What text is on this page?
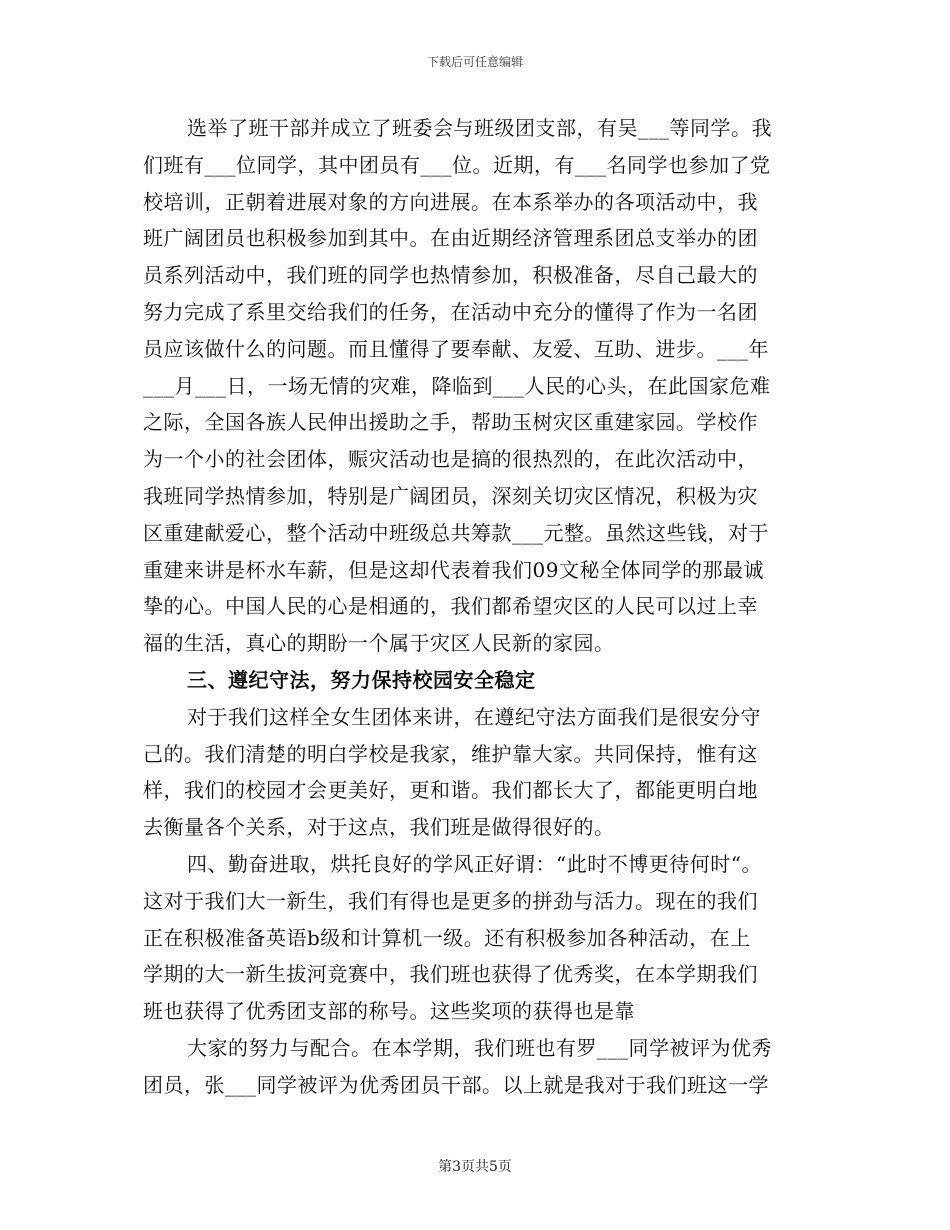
下载后可任意编辑
选举了班干部并成立了班委会与班级团支部，有吴___等同学。我
们班有___位同学，其中团员有___位。近期，有___名同学也参加了党
校培训，正朝着进展对象的方向进展。在本系举办的各项活动中，我
班广阔团员也积极参加到其中。在由近期经济管理系团总支举办的团
员系列活动中，我们班的同学也热情参加，积极准备，尽自己最大的
努力完成了系里交给我们的任务，在活动中充分的懂得了作为一名团
员应该做什么的问题。而且懂得了要奉献、友爱、互助、进步。___年
___月___日，一场无情的灾难，降临到___人民的心头，在此国家危难
之际，全国各族人民伸出援助之手，帮助玉树灾区重建家园。学校作
为一个小的社会团体，赈灾活动也是搞的很热烈的，在此次活动中，
我班同学热情参加，特别是广阔团员，深刻关切灾区情况，积极为灾
区重建献爱心，整个活动中班级总共筹款___元整。虽然这些钱，对于
重建来讲是杯水车薪，但是这却代表着我们09文秘全体同学的那最诚
挚的心。中国人民的心是相通的，我们都希望灾区的人民可以过上幸
福的生活，真心的期盼一个属于灾区人民新的家园。
三、遵纪守法，努力保持校园安全稳定
对于我们这样全女生团体来讲，在遵纪守法方面我们是很安分守
己的。我们清楚的明白学校是我家，维护靠大家。共同保持，惟有这
样，我们的校园才会更美好，更和谐。我们都长大了，都能更明白地
去衡量各个关系，对于这点，我们班是做得很好的。
四、勤奋进取，烘托良好的学风正好谓：“此时不博更待何时“。
这对于我们大一新生，我们有得也是更多的拼劲与活力。现在的我们
正在积极准备英语b级和计算机一级。还有积极参加各种活动，在上
学期的大一新生拔河竞赛中，我们班也获得了优秀奖，在本学期我们
班也获得了优秀团支部的称号。这些奖项的获得也是靠
大家的努力与配合。在本学期，我们班也有罗___同学被评为优秀
团员，张___同学被评为优秀团员干部。以上就是我对于我们班这一学
第3页共5页
